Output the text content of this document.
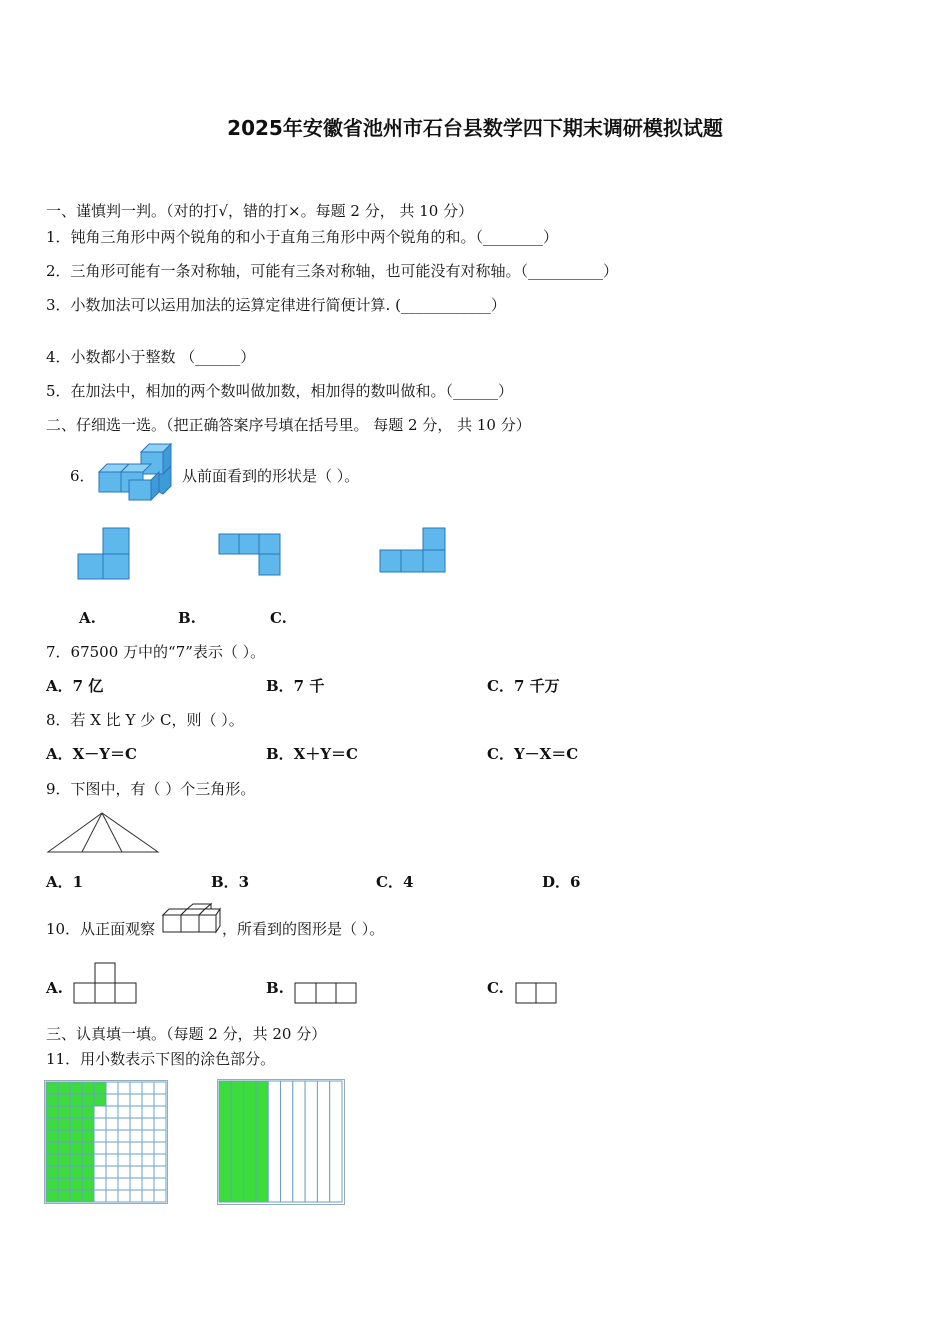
2025年安徽省池州市石台县数学四下期末调研模拟试题
一、谨慎判一判。（对的打√，错的打×。每题 2 分， 共 10 分）
1．钝角三角形中两个锐角的和小于直角三角形中两个锐角的和。（________）
2．三角形可能有一条对称轴，可能有三条对称轴，也可能没有对称轴。（__________）
3．小数加法可以运用加法的运算定律进行简便计算. (____________）
4．小数都小于整数 （______）
5．在加法中，相加的两个数叫做加数，相加得的数叫做和。（______）
二、仔细选一选。（把正确答案序号填在括号里。 每题 2 分， 共 10 分）
6．	从前面看到的形状是（ ）。
A.	B.	C.
7．67500 万中的“7”表示（ ）。
A．7 亿	B．7 千	C．7 千万
8．若 X 比 Y 少 C，则（ ）。
A．X－Y＝C	B．X＋Y＝C	C．Y－X＝C
9．下图中，有（ ）个三角形。
A．1	B．3	C．4	D．6
10．从正面观察	，所看到的图形是（ ）。
A.	B.	C.
三、认真填一填。（每题 2 分，共 20 分）
11．用小数表示下图的涂色部分。
